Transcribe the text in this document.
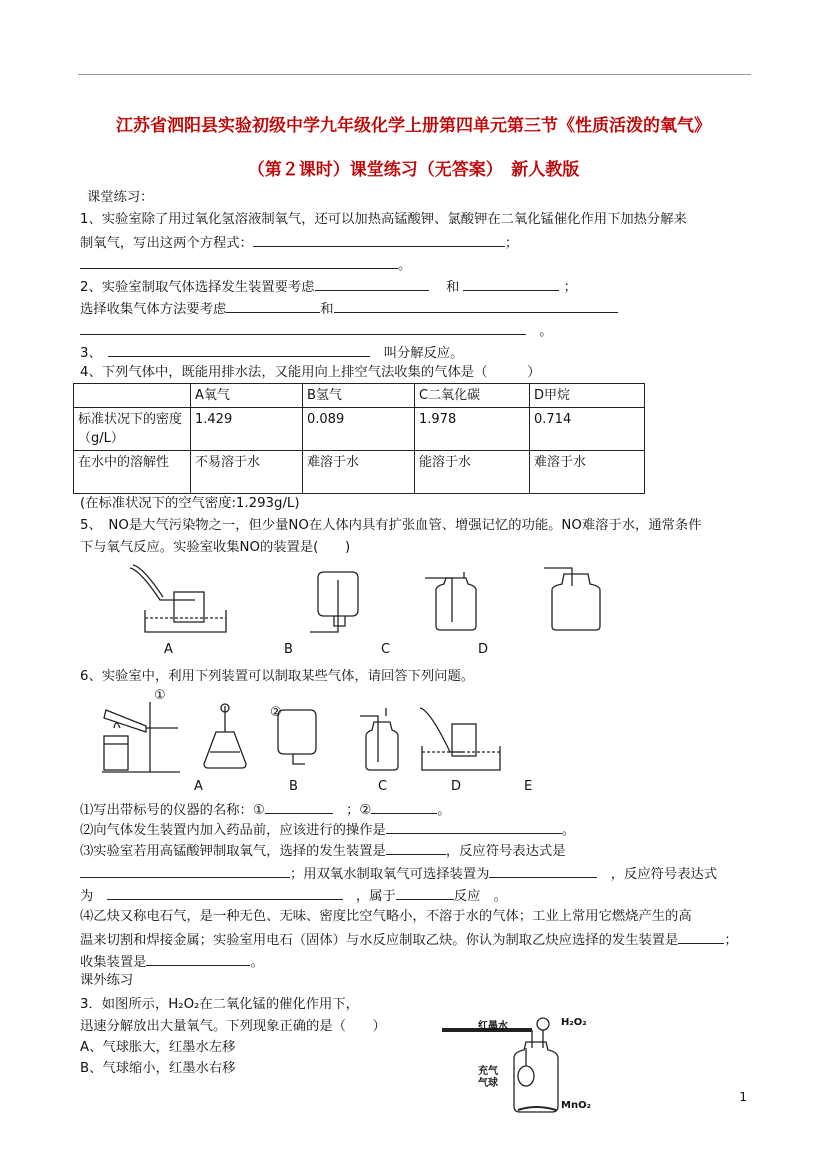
江苏省泗阳县实验初级中学九年级化学上册第四单元第三节《性质活泼的氧气》
（第２课时）课堂练习（无答案）　新人教版
课堂练习：
1、实验室除了用过氧化氢溶液制氧气，还可以加热高锰酸钾、氯酸钾在二氧化锰催化作用下加热分解来
制氧气，写出这两个方程式：	；
。
2、实验室制取气体选择发生装置要考虑　	和	；
选择收集气体方法要考虑	和
　。
3、　　	叫分解反应。
4、下列气体中，既能用排水法，又能用向上排空气法收集的气体是（　　　）
	A氧气	B氢气	C二氧化碳	D甲烷
标准状况下的密度（g/L）	1.429	0.089	1.978	0.714
在水中的溶解性	不易溶于水	难溶于水	能溶于水	难溶于水
(在标准状况下的空气密度:1.293g/L)
5、　NO是大气污染物之一，但少量NO在人体内具有扩张血管、增强记忆的功能。NO难溶于水，通常条件
下与氧气反应。实验室收集NO的装置是(　　)
A	B	C	D
6、实验室中，利用下列装置可以制取某些气体，请回答下列问题。
①
②
A	B	C	D	E
⑴写出带标号的仪器的名称：①　	；②	。
⑵向气体发生装置内加入药品前，应该进行的操作是	。
⑶实验室若用高锰酸钾制取氧气，选择的发生装置是	，反应符号表达式是
；用双氧水制取氧气可选择装置为　	，反应符号表达式
为　　	，属于	反应　。
⑷乙炔又称电石气，是一种无色、无味、密度比空气略小，不溶于水的气体；工业上常用它燃烧产生的高
温来切割和焊接金属；实验室用电石（固体）与水反应制取乙炔。你认为制取乙炔应选择的发生装置是	；
收集装置是	。
课外练习
3．如图所示，H₂O₂在二氧化锰的催化作用下，
迅速分解放出大量氧气。下列现象正确的是（　　）
A、气球胀大，红墨水左移
B、气球缩小，红墨水右移
红墨水	H₂O₂
充气
气球
MnO₂
1
